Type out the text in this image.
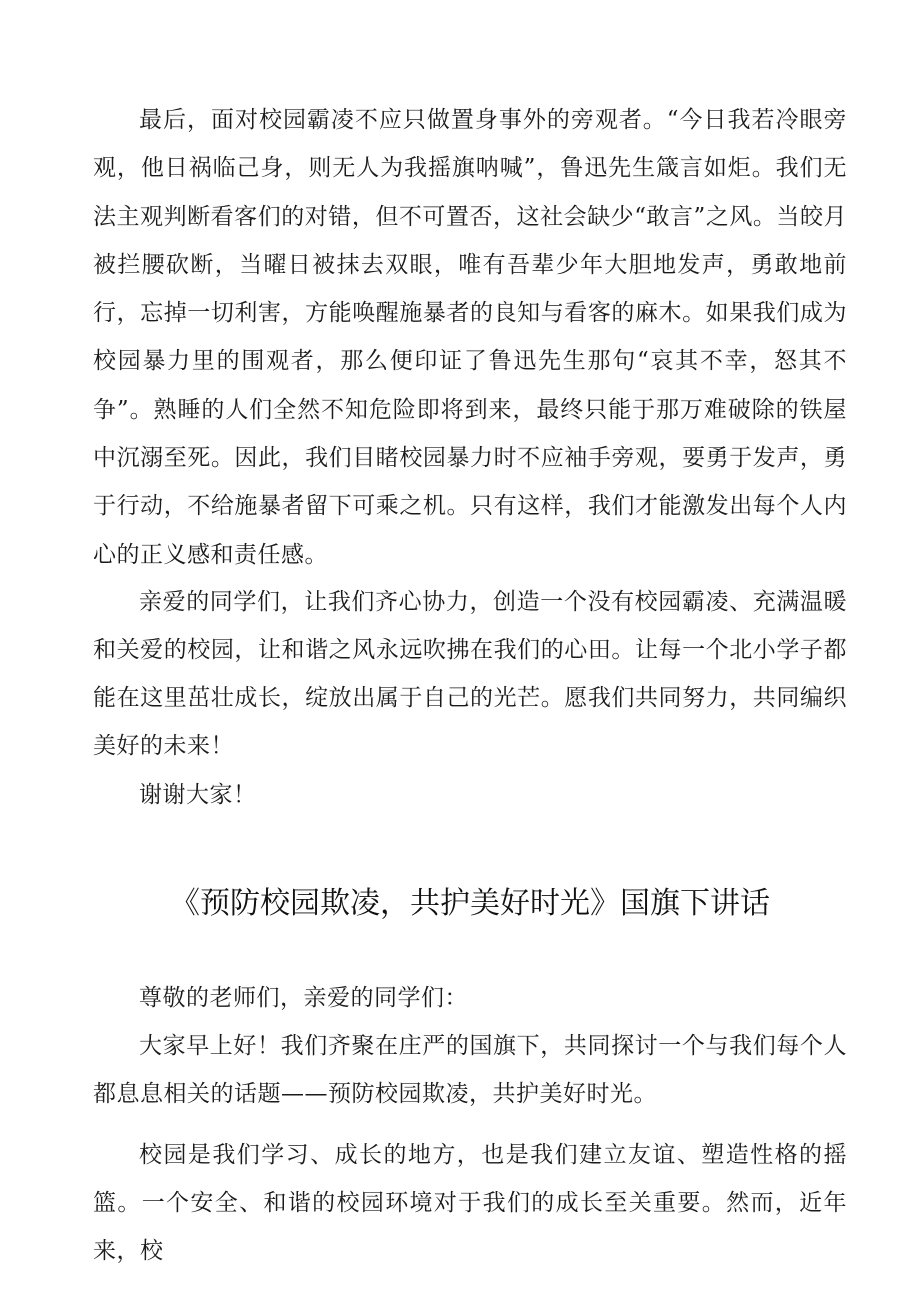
最后，面对校园霸凌不应只做置身事外的旁观者。“今日我若冷眼旁观，他日祸临己身，则无人为我摇旗呐喊”，鲁迅先生箴言如炬。我们无法主观判断看客们的对错，但不可置否，这社会缺少“敢言”之风。当皎月被拦腰砍断，当曜日被抹去双眼，唯有吾辈少年大胆地发声，勇敢地前行，忘掉一切利害，方能唤醒施暴者的良知与看客的麻木。如果我们成为校园暴力里的围观者，那么便印证了鲁迅先生那句“哀其不幸，怒其不争”。熟睡的人们全然不知危险即将到来，最终只能于那万难破除的铁屋中沉溺至死。因此，我们目睹校园暴力时不应袖手旁观，要勇于发声，勇于行动，不给施暴者留下可乘之机。只有这样，我们才能激发出每个人内心的正义感和责任感。

亲爱的同学们，让我们齐心协力，创造一个没有校园霸凌、充满温暖和关爱的校园，让和谐之风永远吹拂在我们的心田。让每一个北小学子都能在这里茁壮成长，绽放出属于自己的光芒。愿我们共同努力，共同编织美好的未来！

谢谢大家！

《预防校园欺凌，共护美好时光》国旗下讲话

尊敬的老师们，亲爱的同学们：

大家早上好！我们齐聚在庄严的国旗下，共同探讨一个与我们每个人都息息相关的话题——预防校园欺凌，共护美好时光。

校园是我们学习、成长的地方，也是我们建立友谊、塑造性格的摇篮。一个安全、和谐的校园环境对于我们的成长至关重要。然而，近年来，校
